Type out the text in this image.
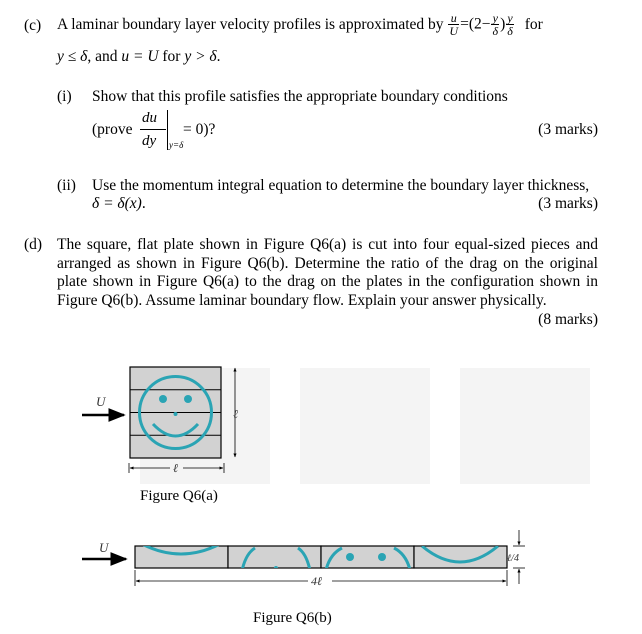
(c) A laminar boundary layer velocity profiles is approximated by $\frac{u}{U} =(2- \frac{y}{\delta}$ ) $\frac{y}{\delta}$ for
y ≤ δ, and u = U for y > δ.
(i) Show that this profile satisfies the appropriate boundary conditions
(prove
du
dy y=δ
= 0)?	(3 marks)
(ii) Use the momentum integral equation to determine the boundary layer thickness,
δ = δ(x).	(3 marks)
(d) The square, flat plate shown in Figure Q6(a) is cut into four equal-sized pieces and arranged as shown in Figure Q6(b). Determine the ratio of the drag on the original plate shown in Figure Q6(a) to the drag on the plates in the configuration shown in Figure Q6(b). Assume laminar boundary flow. Explain your answer physically.
(8 marks)
U
ℓ
ℓ
Figure Q6(a)
U
ℓ/4
4ℓ
Figure Q6(b)
